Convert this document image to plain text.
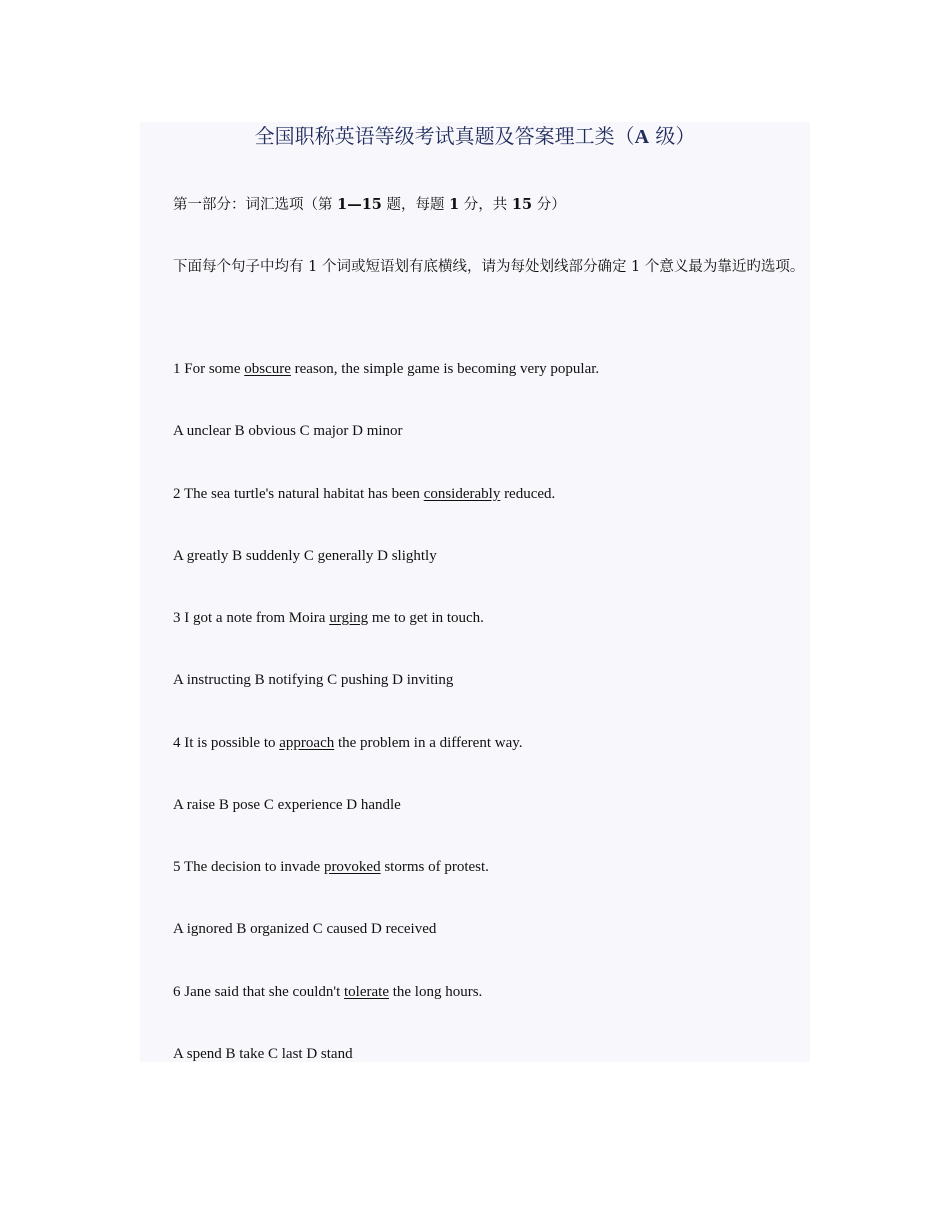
全国职称英语等级考试真题及答案理工类（A 级）

第一部分：词汇选项（第 1—15 题，每题 1 分，共 15 分）

下面每个句子中均有 1 个词或短语划有底横线，请为每处划线部分确定 1 个意义最为靠近旳选项。

1 For some obscure reason, the simple game is becoming very popular.

A unclear B obvious C major D minor

2 The sea turtle's natural habitat has been considerably reduced.

A greatly B suddenly C generally D slightly

3 I got a note from Moira urging me to get in touch.

A instructing B notifying C pushing D inviting

4 It is possible to approach the problem in a different way.

A raise B pose C experience D handle

5 The decision to invade provoked storms of protest.

A ignored B organized C caused D received

6 Jane said that she couldn't tolerate the long hours.

A spend B take C last D stand
